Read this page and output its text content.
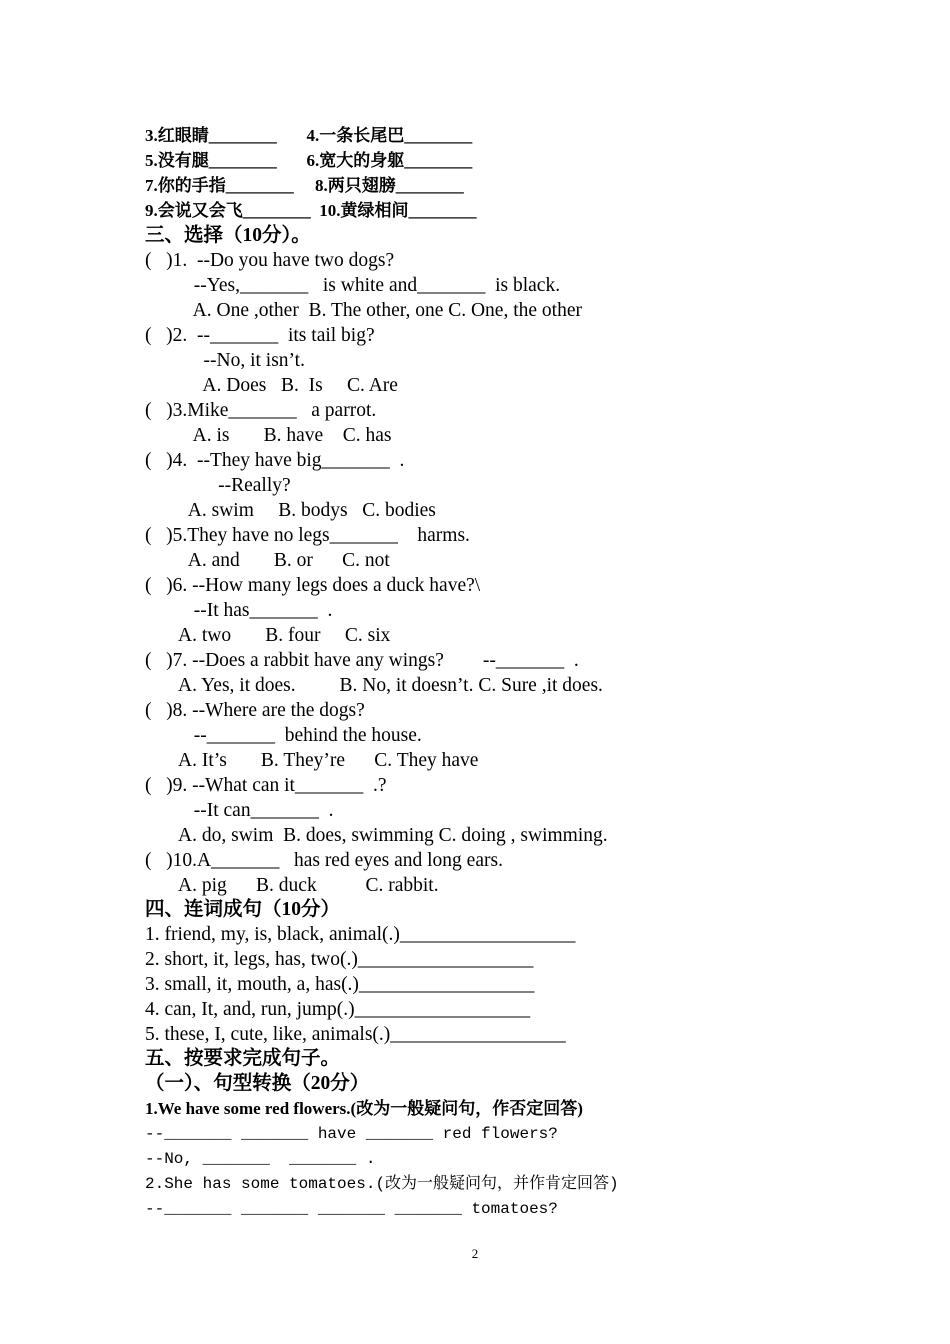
3.红眼睛________       4.一条长尾巴________
5.没有腿________       6.宽大的身躯________
7.你的手指________     8.两只翅膀________
9.会说又会飞________  10.黄绿相间________
三、选择（10分）。
(   )1.  --Do you have two dogs?
--Yes,_______   is white and_______  is black.
A. One ,other  B. The other, one C. One, the other
(   )2.  --_______  its tail big?
--No, it isn’t.
A. Does   B.  Is     C. Are
(   )3.Mike_______   a parrot.
A. is       B. have    C. has
(   )4.  --They have big_______  .
--Really?
A. swim     B. bodys   C. bodies
(   )5.They have no legs_______    harms.
A. and       B. or      C. not
(   )6. --How many legs does a duck have?\
--It has_______  .
A. two       B. four     C. six
(   )7. --Does a rabbit have any wings?        --_______  .
A. Yes, it does.         B. No, it doesn’t. C. Sure ,it does.
(   )8. --Where are the dogs?
--_______  behind the house.
A. It’s       B. They’re      C. They have
(   )9. --What can it_______  .?
--It can_______  .
A. do, swim  B. does, swimming C. doing , swimming.
(   )10.A_______   has red eyes and long ears.
A. pig      B. duck          C. rabbit.
四、连词成句（10分）
1. friend, my, is, black, animal(.)__________________
2. short, it, legs, has, two(.)__________________
3. small, it, mouth, a, has(.)__________________
4. can, It, and, run, jump(.)__________________
5. these, I, cute, like, animals(.)__________________
五、按要求完成句子。
（一）、句型转换（20分）
1.We have some red flowers.(改为一般疑问句，作否定回答)
--_______ _______ have _______ red flowers?
--No, _______  _______ .
2.She has some tomatoes.(改为一般疑问句，并作肯定回答)
--_______ _______ _______ _______ tomatoes?
2
